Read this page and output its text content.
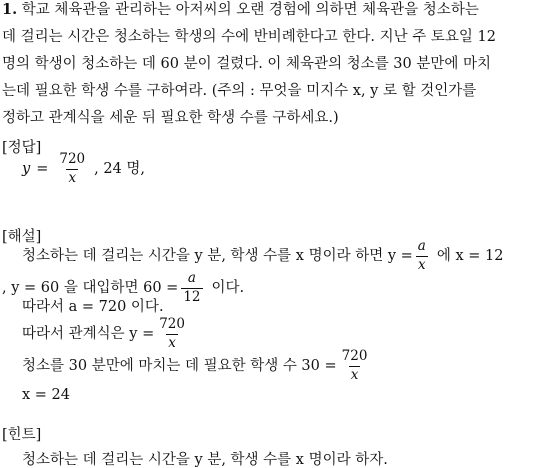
1. 학교 체육관을 관리하는 아저씨의 오랜 경험에 의하면 체육관을 청소하는
데 걸리는 시간은 청소하는 학생의 수에 반비례한다고 한다. 지난 주 토요일 12
명의 학생이 청소하는 데 60 분이 걸렸다. 이 체육관의 청소를 30 분만에 마치
는데 필요한 학생 수를 구하여라. (주의 : 무엇을 미지수 x, y 로 할 것인가를
정하고 관계식을 세운 뒤 필요한 학생 수를 구하세요.)
[정답]
$y = \frac{720}{x}$ , 24 명,
[해설]
청소하는 데 걸리는 시간을 y 분, 학생 수를 x 명이라 하면 $y = \frac{a}{x}$ 에 x = 12
, y = 60 을 대입하면 $60 = \frac{a}{12}$ 이다.
따라서 a = 720 이다.
따라서 관계식은 $y = \frac{720}{x}$
청소를 30 분만에 마치는 데 필요한 학생 수 $30 = \frac{720}{x}$
x = 24
[힌트]
청소하는 데 걸리는 시간을 y 분, 학생 수를 x 명이라 하자.
